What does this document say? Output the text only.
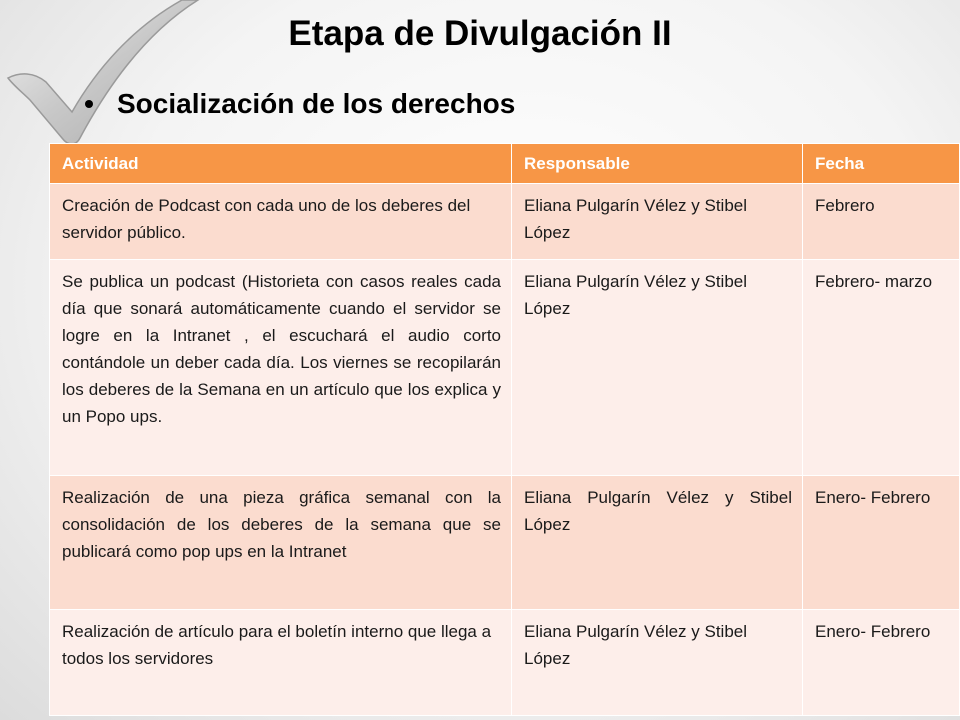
Etapa de Divulgación II
Socialización de los derechos
Actividad	Responsable	Fecha
Creación de Podcast con cada uno de los deberes del servidor público.	Eliana Pulgarín Vélez y Stibel López	Febrero
Se publica un podcast (Historieta con casos reales cada día que sonará automáticamente cuando el servidor se logre en la Intranet , el escuchará el audio corto contándole un deber cada día. Los viernes se recopilarán los deberes de la Semana en un artículo que los explica y un Popo ups.	Eliana Pulgarín Vélez y Stibel López	Febrero- marzo
Realización de una pieza gráfica semanal con la consolidación de los deberes de la semana que se publicará como pop ups en la Intranet	Eliana Pulgarín Vélez y Stibel López	Enero- Febrero
Realización de artículo para el boletín interno que llega a todos los servidores	Eliana Pulgarín Vélez y Stibel López	Enero- Febrero
